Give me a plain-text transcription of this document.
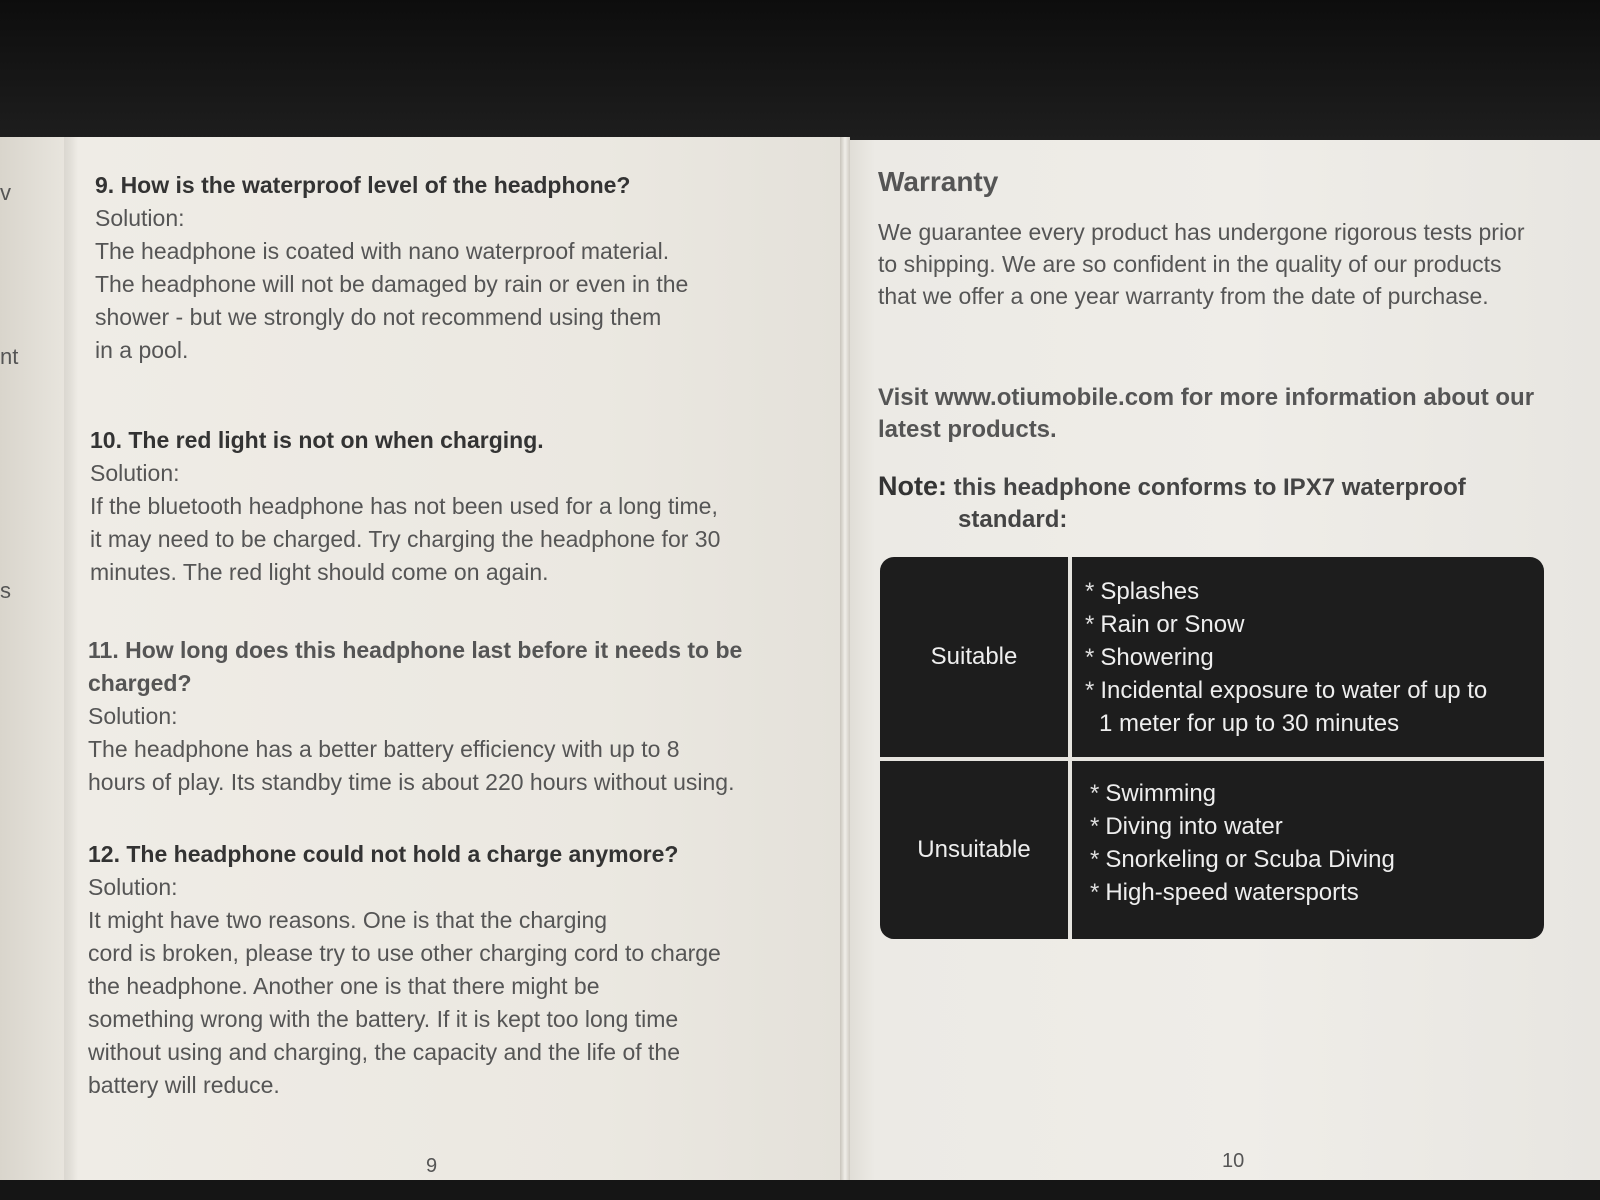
v
nt
s
9. How is the waterproof level of the headphone?
Solution:
The headphone is coated with nano waterproof material.
The headphone will not be damaged by rain or even in the
shower - but we strongly do not recommend using them
in a pool.
10. The red light is not on when charging.
Solution:
If the bluetooth headphone has not been used for a long time,
it may need to be charged. Try charging the headphone for 30
minutes. The red light should come on again.
11. How long does this headphone last before it needs to be
charged?
Solution:
The headphone has a better battery efficiency with up to 8
hours of play. Its standby time is about 220 hours without using.
12. The headphone could not hold a charge anymore?
Solution:
It might have two reasons. One is that the charging
cord is broken, please try to use other charging cord to charge
the headphone. Another one is that there might be
something wrong with the battery. If it is kept too long time
without using and charging, the capacity and the life of the
battery will reduce.
9
Warranty
We guarantee every product has undergone rigorous tests prior to shipping. We are so confident in the quality of our products that we offer a one year warranty from the date of purchase.
Visit www.otiumobile.com for more information about our latest products.
Note: this headphone conforms to IPX7 waterproof
standard:
Suitable
* Splashes
* Rain or Snow
* Showering
* Incidental exposure to water of up to
1 meter for up to 30 minutes
Unsuitable
* Swimming
* Diving into water
* Snorkeling or Scuba Diving
* High-speed watersports
10
